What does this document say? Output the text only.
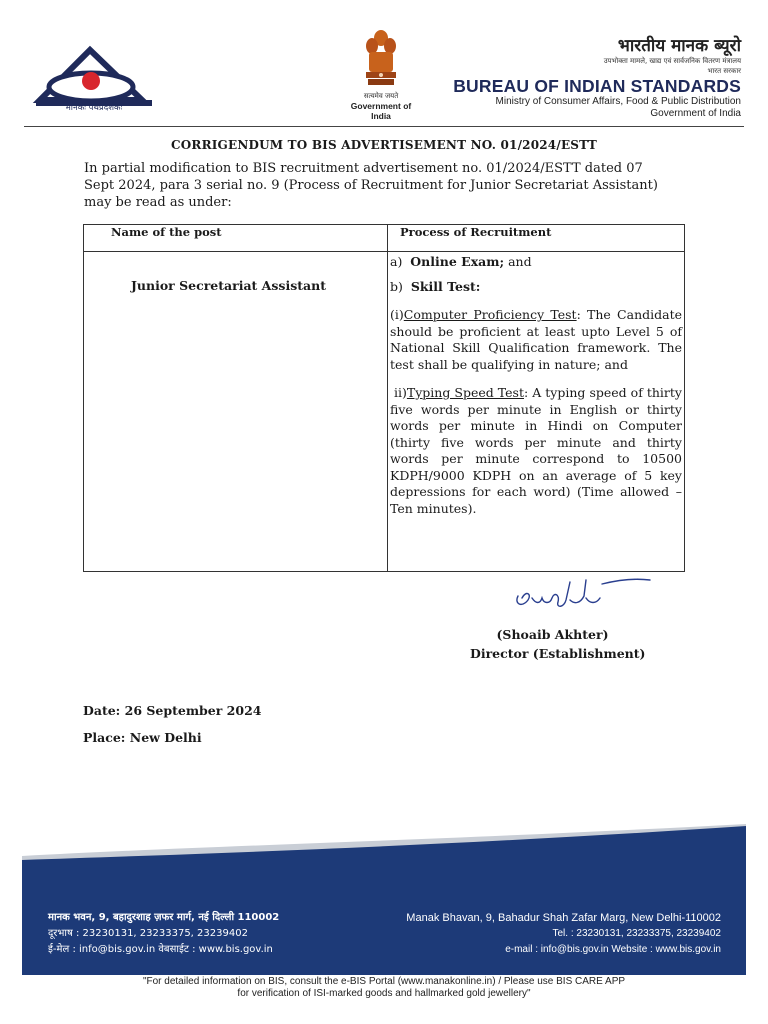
मानकः पथप्रदर्शकः
सत्यमेव जयते
Government of India
भारतीय मानक ब्यूरो
उपभोक्ता मामले, खाद्य एवं सार्वजनिक वितरण मंत्रालय
भारत सरकार
BUREAU OF INDIAN STANDARDS
Ministry of Consumer Affairs, Food & Public Distribution
Government of India
CORRIGENDUM TO BIS ADVERTISEMENT NO. 01/2024/ESTT
In partial modification to BIS recruitment advertisement no. 01/2024/ESTT dated 07
Sept 2024, para 3 serial no. 9 (Process of Recruitment for Junior Secretariat Assistant)
may be read as under:
Name of the post	Process of Recruitment

Junior Secretariat Assistant	a) Online Exam; and

b) Skill Test:

(i)Computer Proficiency Test: The Candidate should be proficient at least upto Level 5 of National Skill Qualification framework. The test shall be qualifying in nature; and

ii)Typing Speed Test: A typing speed of thirty five words per minute in English or thirty words per minute in Hindi on Computer (thirty five words per minute and thirty words per minute correspond to 10500 KDPH/9000 KDPH on an average of 5 key depressions for each word) (Time allowed – Ten minutes).

(Shoaib Akhter)
Director (Establishment)
Date: 26 September 2024
Place: New Delhi
मानक भवन, 9, बहादुरशाह ज़फर मार्ग, नई दिल्ली 110002
दूरभाष : 23230131, 23233375, 23239402
ई-मेल : info@bis.gov.in वेबसाईट : www.bis.gov.in
Manak Bhavan, 9, Bahadur Shah Zafar Marg, New Delhi-110002
Tel. : 23230131, 23233375, 23239402
e-mail : info@bis.gov.in Website : www.bis.gov.in
"For detailed information on BIS, consult the e-BIS Portal (www.manakonline.in) / Please use BIS CARE APP
for verification of ISI-marked goods and hallmarked gold jewellery"
